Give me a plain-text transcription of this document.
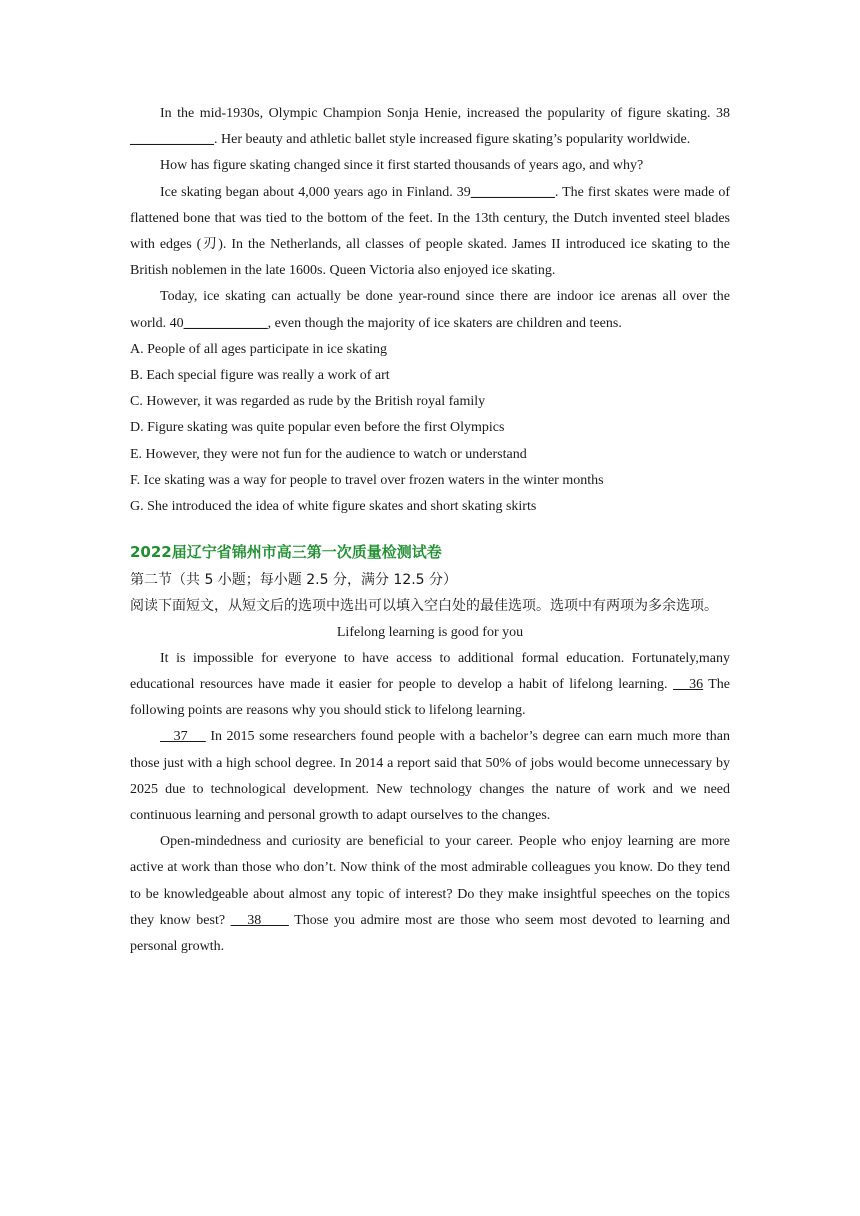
In the mid-1930s, Olympic Champion Sonja Henie, increased the popularity of figure skating. 38 ____________. Her beauty and athletic ballet style increased figure skating’s popularity worldwide.

How has figure skating changed since it first started thousands of years ago, and why?

Ice skating began about 4,000 years ago in Finland. 39____________. The first skates were made of flattened bone that was tied to the bottom of the feet. In the 13th century, the Dutch invented steel blades with edges (刃). In the Netherlands, all classes of people skated. James II introduced ice skating to the British noblemen in the late 1600s. Queen Victoria also enjoyed ice skating.

Today, ice skating can actually be done year-round since there are indoor ice arenas all over the world. 40____________, even though the majority of ice skaters are children and teens.

A. People of all ages participate in ice skating

B. Each special figure was really a work of art

C. However, it was regarded as rude by the British royal family

D. Figure skating was quite popular even before the first Olympics

E. However, they were not fun for the audience to watch or understand

F. Ice skating was a way for people to travel over frozen waters in the winter months

G. She introduced the idea of white figure skates and short skating skirts

2022届辽宁省锦州市高三第一次质量检测试卷

第二节（共 5 小题；每小题 2.5 分，满分 12.5 分）

阅读下面短文，从短文后的选项中选出可以填入空白处的最佳选项。选项中有两项为多余选项。

Lifelong learning is good for you

It is impossible for everyone to have access to additional formal education. Fortunately,many educational resources have made it easier for people to develop a habit of lifelong learning.    36 The following points are reasons why you should stick to lifelong learning.

37     In 2015 some researchers found people with a bachelor’s degree can earn much more than those just with a high school degree. In 2014 a report said that 50% of jobs would become unnecessary by 2025 due to technological development. New technology changes the nature of work and we need continuous learning and personal growth to adapt ourselves to the changes.

Open-mindedness and curiosity are beneficial to your career. People who enjoy learning are more active at work than those who don’t. Now think of the most admirable colleagues you know. Do they tend to be knowledgeable about almost any topic of interest? Do they make insightful speeches on the topics they know best?    38      Those you admire most are those who seem most devoted to learning and personal growth.
